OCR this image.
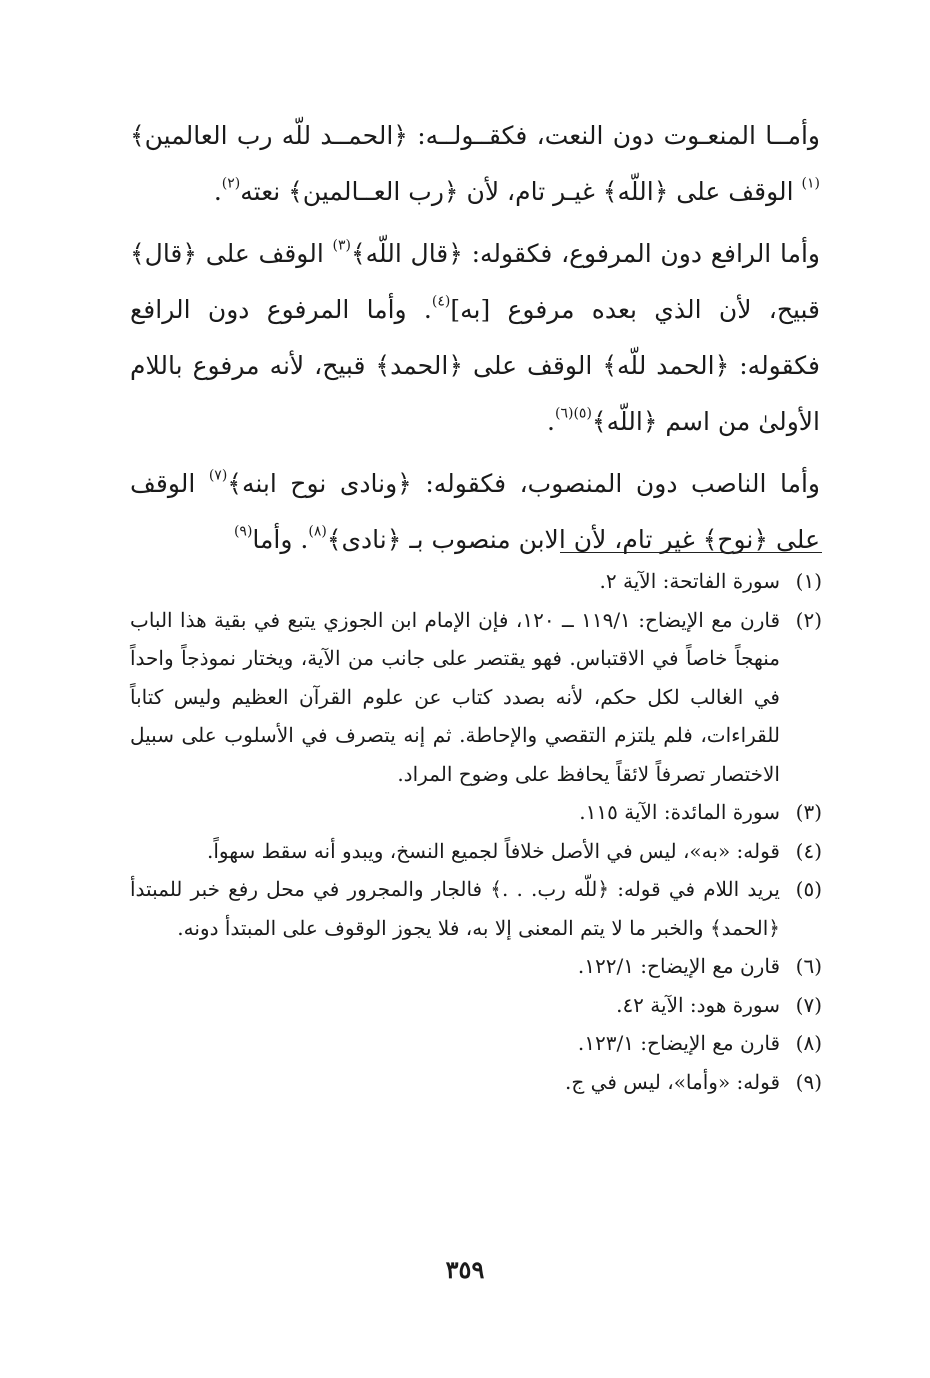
وأمــا المنعـوت دون النعت، فكقــولــه: ﴿الحمــد للّه رب العالمين﴾$^{(١)}$ الوقف على ﴿اللّه﴾ غيـر تام، لأن ﴿رب العــالمين﴾ نعته$^{(٢)}$.

وأما الرافع دون المرفوع، فكقوله: ﴿قال اللّه﴾$^{(٣)}$ الوقف على ﴿قال﴾ قبيح، لأن الذي بعده مرفوع [به]$^{(٤)}$. وأما المرفوع دون الرافع فكقوله: ﴿الحمد للّه﴾ الوقف على ﴿الحمد﴾ قبيح، لأنه مرفوع باللام الأولىٰ من اسم ﴿اللّه﴾$^{(٥)(٦)}$.

وأما الناصب دون المنصوب، فكقوله: ﴿ونادى نوح ابنه﴾$^{(٧)}$ الوقف على ﴿نوح﴾ غير تام، لأن الابن منصوب بـ ﴿نادى﴾$^{(٨)}$. وأما$^{(٩)}$

(١)
سورة الفاتحة: الآية ٢.
(٢)
قارن مع الإيضاح: ١١٩/١ ــ ١٢٠، فإن الإمام ابن الجوزي يتبع في بقية هذا الباب منهجاً خاصاً في الاقتباس. فهو يقتصر على جانب من الآية، ويختار نموذجاً واحداً في الغالب لكل حكم، لأنه بصدد كتاب عن علوم القرآن العظيم وليس كتاباً للقراءات، فلم يلتزم التقصي والإحاطة. ثم إنه يتصرف في الأسلوب على سبيل الاختصار تصرفاً لائقاً يحافظ على وضوح المراد.
(٣)
سورة المائدة: الآية ١١٥.
(٤)
قوله: «به»، ليس في الأصل خلافاً لجميع النسخ، ويبدو أنه سقط سهواً.
(٥)
يريد اللام في قوله: ﴿للّه رب. . .﴾ فالجار والمجرور في محل رفع خبر للمبتدأ ﴿الحمد﴾ والخبر ما لا يتم المعنى إلا به، فلا يجوز الوقوف على المبتدأ دونه.
(٦)
قارن مع الإيضاح: ١٢٢/١.
(٧)
سورة هود: الآية ٤٢.
(٨)
قارن مع الإيضاح: ١٢٣/١.
(٩)
قوله: «وأما»، ليس في ج.
٣٥٩
